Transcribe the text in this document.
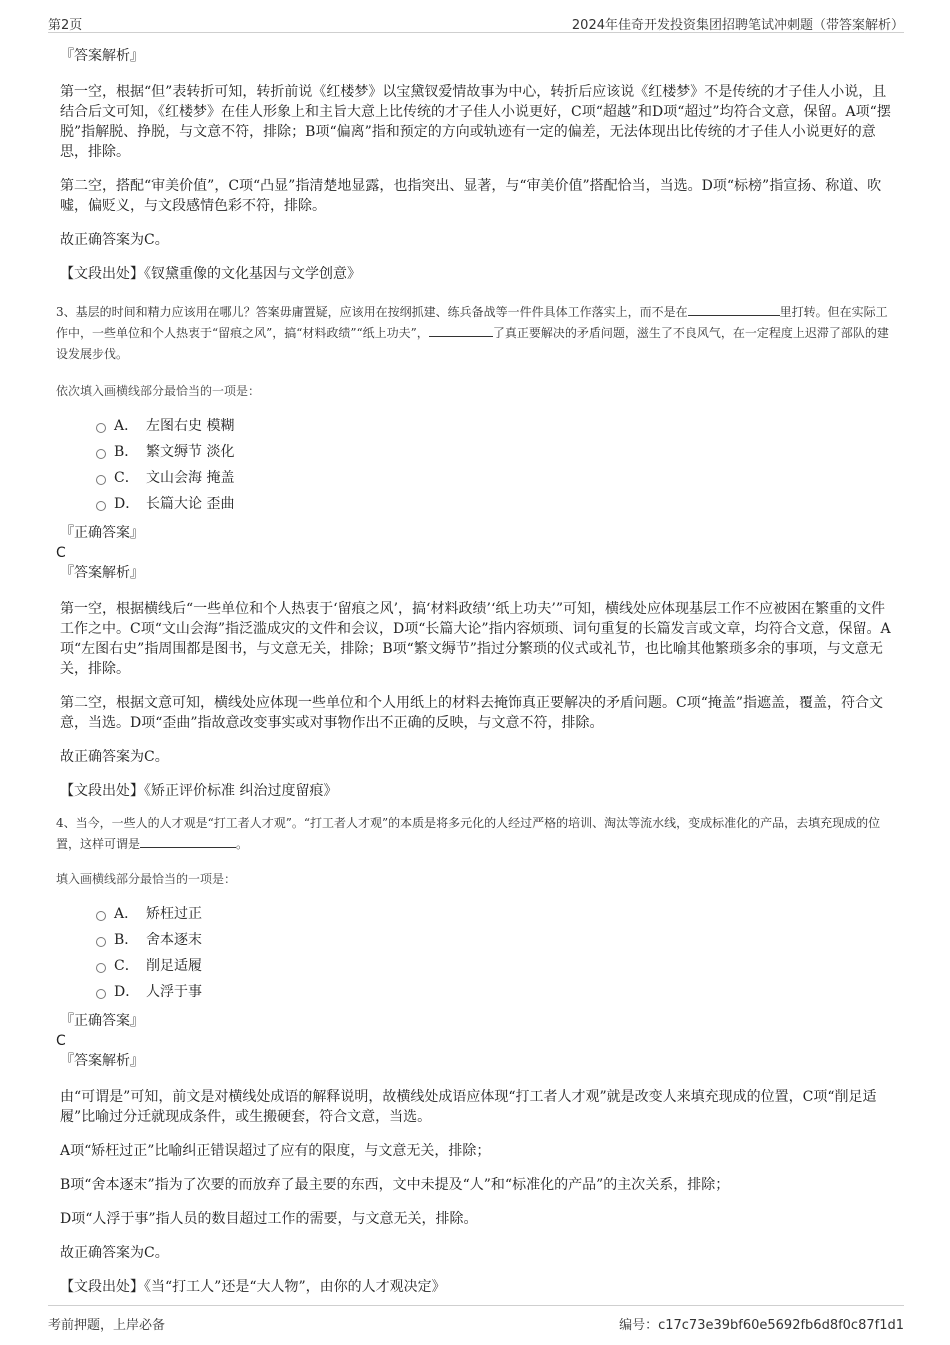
第2页	2024年佳奇开发投资集团招聘笔试冲刺题（带答案解析）

『答案解析』

第一空，根据“但”表转折可知，转折前说《红楼梦》以宝黛钗爱情故事为中心，转折后应该说《红楼梦》不是传统的才子佳人小说，且结合后文可知，《红楼梦》在佳人形象上和主旨大意上比传统的才子佳人小说更好，C项“超越”和D项“超过”均符合文意，保留。A项“摆脱”指解脱、挣脱，与文意不符，排除；B项“偏离”指和预定的方向或轨迹有一定的偏差，无法体现出比传统的才子佳人小说更好的意思，排除。

第二空，搭配“审美价值”，C项“凸显”指清楚地显露，也指突出、显著，与“审美价值”搭配恰当，当选。D项“标榜”指宣扬、称道、吹嘘，偏贬义，与文段感情色彩不符，排除。

故正确答案为C。

【文段出处】《钗黛重像的文化基因与文学创意》

3、基层的时间和精力应该用在哪儿？答案毋庸置疑，应该用在按纲抓建、练兵备战等一件件具体工作落实上，而不是在	里打转。但在实际工作中，一些单位和个人热衷于“留痕之风”，搞“材料政绩”“纸上功夫”，	了真正要解决的矛盾问题，滋生了不良风气，在一定程度上迟滞了部队的建设发展步伐。

依次填入画横线部分最恰当的一项是：

A． 左图右史 模糊
B． 繁文缛节 淡化
C． 文山会海 掩盖
D． 长篇大论 歪曲

『正确答案』

C

『答案解析』

第一空，根据横线后“一些单位和个人热衷于‘留痕之风’，搞‘材料政绩’‘纸上功夫’”可知，横线处应体现基层工作不应被困在繁重的文件工作之中。C项“文山会海”指泛滥成灾的文件和会议，D项“长篇大论”指内容烦琐、词句重复的长篇发言或文章，均符合文意，保留。A项“左图右史”指周围都是图书，与文意无关，排除；B项“繁文缛节”指过分繁琐的仪式或礼节，也比喻其他繁琐多余的事项，与文意无关，排除。

第二空，根据文意可知，横线处应体现一些单位和个人用纸上的材料去掩饰真正要解决的矛盾问题。C项“掩盖”指遮盖，覆盖，符合文意，当选。D项“歪曲”指故意改变事实或对事物作出不正确的反映，与文意不符，排除。

故正确答案为C。

【文段出处】《矫正评价标准 纠治过度留痕》

4、当今，一些人的人才观是“打工者人才观”。“打工者人才观”的本质是将多元化的人经过严格的培训、淘汰等流水线，变成标准化的产品，去填充现成的位置，这样可谓是	。

填入画横线部分最恰当的一项是：

A． 矫枉过正
B． 舍本逐末
C． 削足适履
D． 人浮于事

『正确答案』

C

『答案解析』

由“可谓是”可知，前文是对横线处成语的解释说明，故横线处成语应体现“打工者人才观”就是改变人来填充现成的位置，C项“削足适履”比喻过分迁就现成条件，或生搬硬套，符合文意，当选。

A项“矫枉过正”比喻纠正错误超过了应有的限度，与文意无关，排除；

B项“舍本逐末”指为了次要的而放弃了最主要的东西，文中未提及“人”和“标准化的产品”的主次关系，排除；

D项“人浮于事”指人员的数目超过工作的需要，与文意无关，排除。

故正确答案为C。

【文段出处】《当“打工人”还是“大人物”，由你的人才观决定》

考前押题，上岸必备	编号：c17c73e39bf60e5692fb6d8f0c87f1d1
